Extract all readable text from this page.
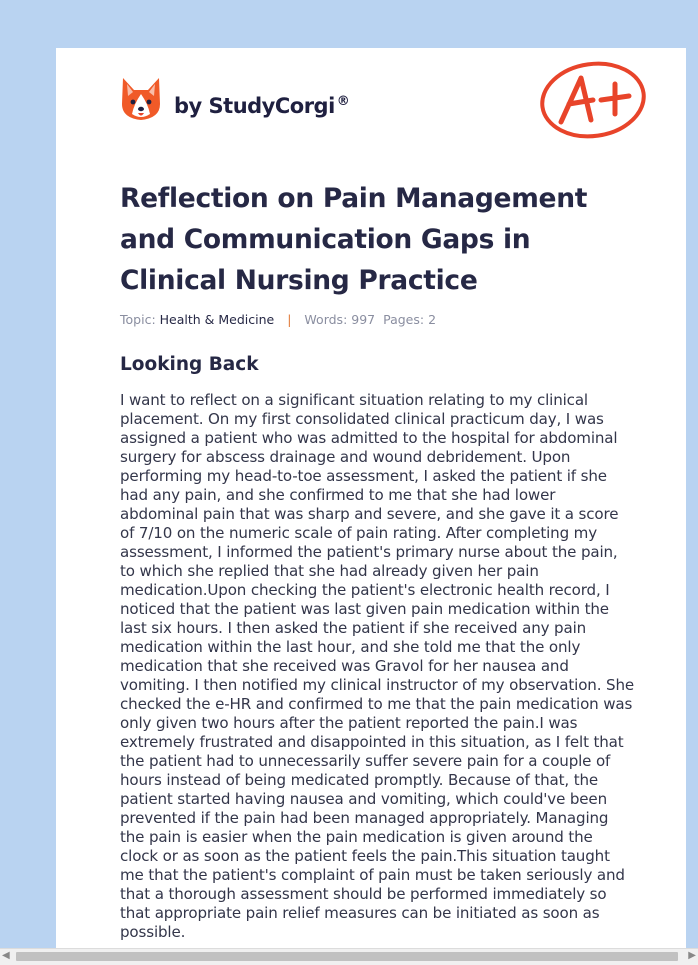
by StudyCorgi ®
Reflection on Pain Management and Communication Gaps in Clinical Nursing Practice
Topic: Health & Medicine | Words: 997 Pages: 2
Looking Back

I want to reflect on a significant situation relating to my clinical placement. On my first consolidated clinical practicum day, I was assigned a patient who was admitted to the hospital for abdominal surgery for abscess drainage and wound debridement. Upon performing my head-to-toe assessment, I asked the patient if she had any pain, and she confirmed to me that she had lower abdominal pain that was sharp and severe, and she gave it a score of 7/10 on the numeric scale of pain rating. After completing my assessment, I informed the patient's primary nurse about the pain, to which she replied that she had already given her pain medication.Upon checking the patient's electronic health record, I noticed that the patient was last given pain medication within the last six hours. I then asked the patient if she received any pain medication within the last hour, and she told me that the only medication that she received was Gravol for her nausea and vomiting. I then notified my clinical instructor of my observation. She checked the e-HR and confirmed to me that the pain medication was only given two hours after the patient reported the pain.I was extremely frustrated and disappointed in this situation, as I felt that the patient had to unnecessarily suffer severe pain for a couple of hours instead of being medicated promptly. Because of that, the patient started having nausea and vomiting, which could've been prevented if the pain had been managed appropriately. Managing the pain is easier when the pain medication is given around the clock or as soon as the patient feels the pain.This situation taught me that the patient's complaint of pain must be taken seriously and that a thorough assessment should be performed immediately so that appropriate pain relief measures can be initiated as soon as possible.

◀	▶
